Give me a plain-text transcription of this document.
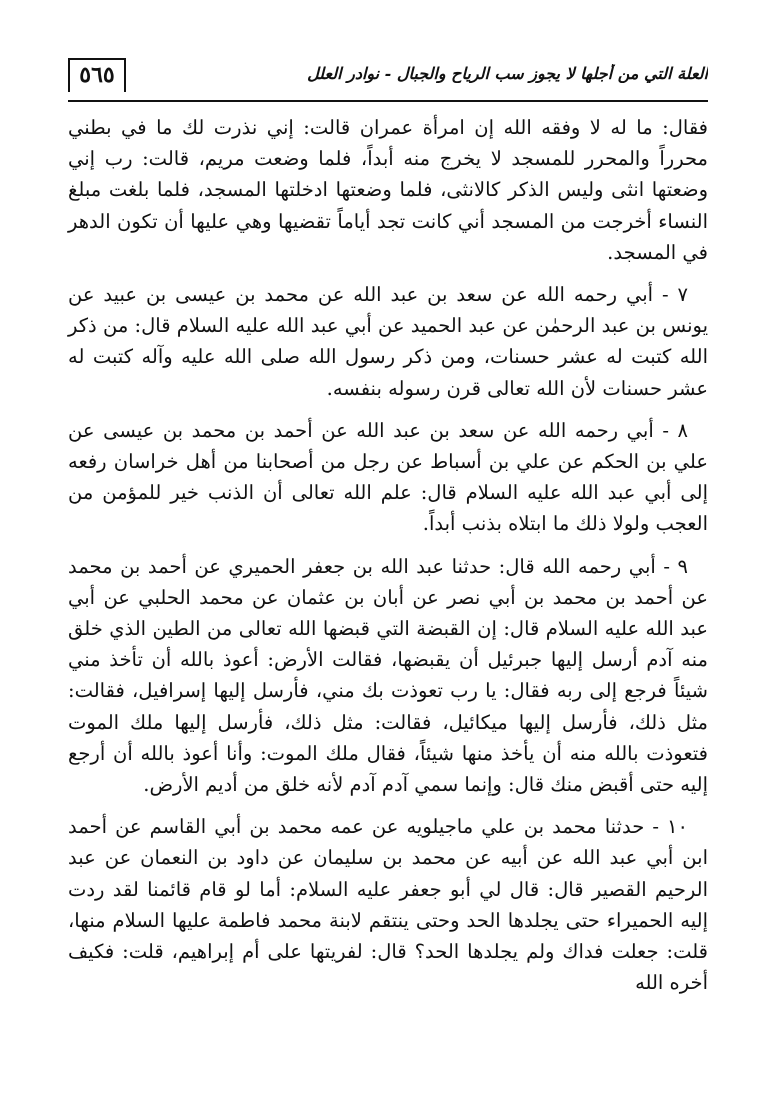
٥٦٥	العلة التي من أجلها لا يجوز سب الرياح والجبال - نوادر العلل

فقال: ما له لا وفقه الله إن امرأة عمران قالت: إني نذرت لك ما في بطني محرراً والمحرر للمسجد لا يخرج منه أبداً، فلما وضعت مريم، قالت: رب إني وضعتها انثى وليس الذكر كالانثى، فلما وضعتها ادخلتها المسجد، فلما بلغت مبلغ النساء أخرجت من المسجد أني كانت تجد أياماً تقضيها وهي عليها أن تكون الدهر في المسجد.

٧ - أبي رحمه الله عن سعد بن عبد الله عن محمد بن عيسى بن عبيد عن يونس بن عبد الرحمٰن عن عبد الحميد عن أبي عبد الله عليه السلام قال: من ذكر الله كتبت له عشر حسنات، ومن ذكر رسول الله صلى الله عليه وآله كتبت له عشر حسنات لأن الله تعالى قرن رسوله بنفسه.

٨ - أبي رحمه الله عن سعد بن عبد الله عن أحمد بن محمد بن عيسى عن علي بن الحكم عن علي بن أسباط عن رجل من أصحابنا من أهل خراسان رفعه إلى أبي عبد الله عليه السلام قال: علم الله تعالى أن الذنب خير للمؤمن من العجب ولولا ذلك ما ابتلاه بذنب أبداً.

٩ - أبي رحمه الله قال: حدثنا عبد الله بن جعفر الحميري عن أحمد بن محمد عن أحمد بن محمد بن أبي نصر عن أبان بن عثمان عن محمد الحلبي عن أبي عبد الله عليه السلام قال: إن القبضة التي قبضها الله تعالى من الطين الذي خلق منه آدم أرسل إليها جبرئيل أن يقبضها، فقالت الأرض: أعوذ بالله أن تأخذ مني شيئاً فرجع إلى ربه فقال: يا رب تعوذت بك مني، فأرسل إليها إسرافيل، فقالت: مثل ذلك، فأرسل إليها ميكائيل، فقالت: مثل ذلك، فأرسل إليها ملك الموت فتعوذت بالله منه أن يأخذ منها شيئاً، فقال ملك الموت: وأنا أعوذ بالله أن أرجع إليه حتى أقبض منك قال: وإنما سمي آدم آدم لأنه خلق من أديم الأرض.

١٠ - حدثنا محمد بن علي ماجيلويه عن عمه محمد بن أبي القاسم عن أحمد ابن أبي عبد الله عن أبيه عن محمد بن سليمان عن داود بن النعمان عن عبد الرحيم القصير قال: قال لي أبو جعفر عليه السلام: أما لو قام قائمنا لقد ردت إليه الحميراء حتى يجلدها الحد وحتى ينتقم لابنة محمد فاطمة عليها السلام منها، قلت: جعلت فداك ولم يجلدها الحد؟ قال: لفريتها على أم إبراهيم، قلت: فكيف أخره الله
